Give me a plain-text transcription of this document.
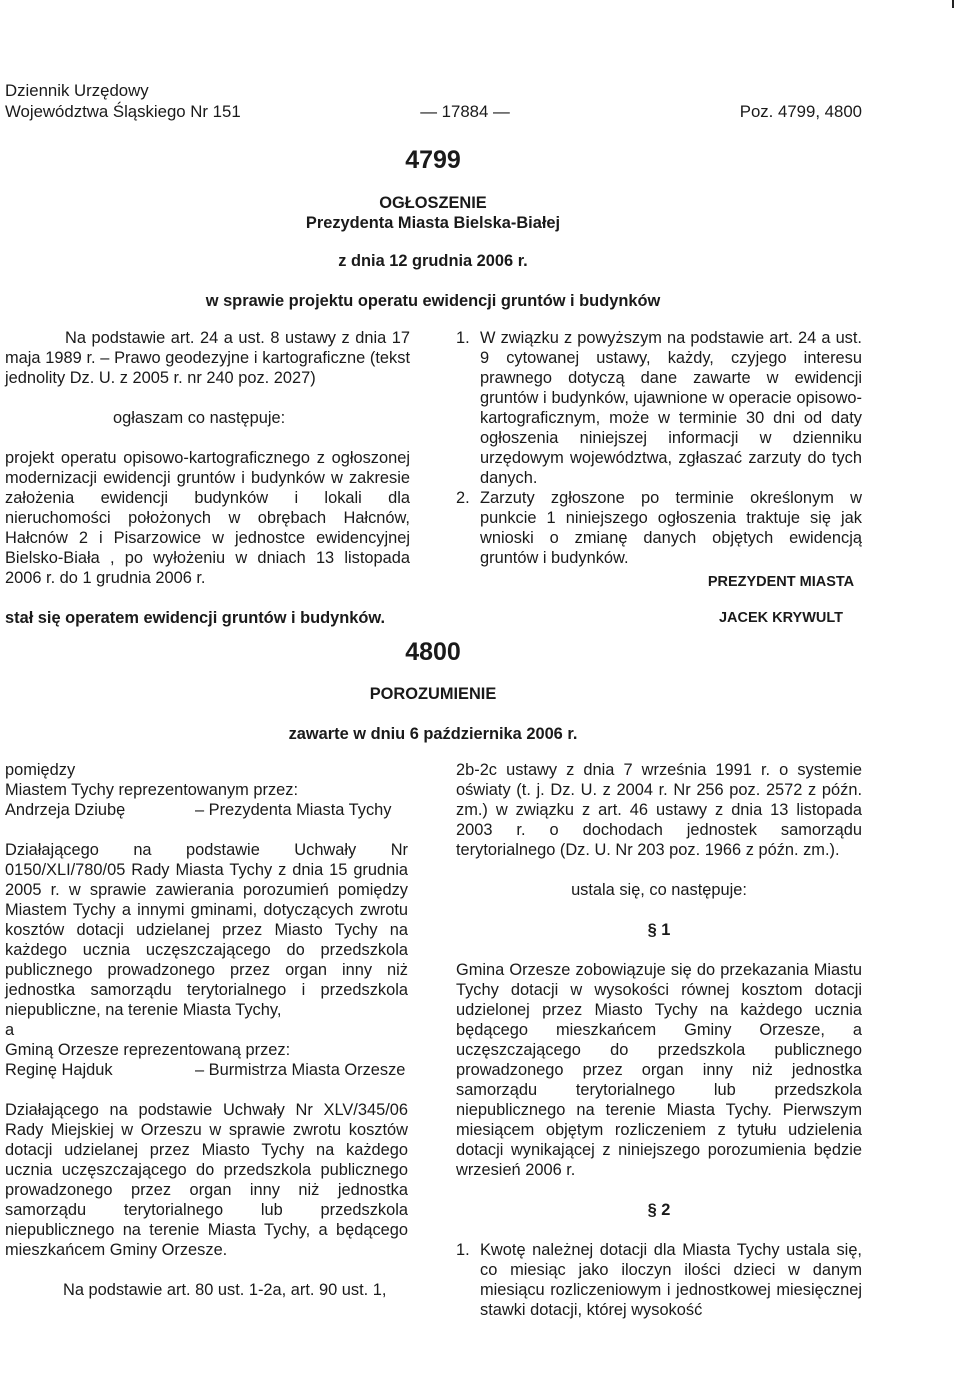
Dziennik Urzędowy
Województwa Śląskiego Nr 151	— 17884 —	Poz. 4799, 4800
4799
OGŁOSZENIE
Prezydenta Miasta Bielska-Białej
z dnia 12 grudnia 2006 r.
w sprawie projektu operatu ewidencji gruntów i budynków

Na podstawie art. 24 a ust. 8 ustawy z dnia 17 maja 1989 r. – Prawo geodezyjne i kartograficzne (tekst jednolity Dz. U. z 2005 r. nr 240 poz. 2027)

ogłaszam co następuje:

projekt operatu opisowo-kartograficznego z ogłoszonej modernizacji ewidencji gruntów i budynków w zakresie założenia ewidencji budynków i lokali dla nieruchomości położonych w obrębach Hałcnów, Hałcnów 2 i Pisarzowice w jednostce ewidencyjnej Bielsko-Biała , po wyłożeniu w dniach 13 listopada 2006 r. do 1 grudnia 2006 r.

stał się operatem ewidencji gruntów i budynków.

1. W związku z powyższym na podstawie art. 24 a ust. 9 cytowanej ustawy, każdy, czyjego interesu prawnego dotyczą dane zawarte w ewidencji gruntów i budynków, ujawnione w operacie opisowo-kartograficznym, może w terminie 30 dni od daty ogłoszenia niniejszej informacji w dzienniku urzędowym województwa, zgłaszać zarzuty do tych danych.

2. Zarzuty zgłoszone po terminie określonym w punkcie 1 niniejszego ogłoszenia traktuje się jak wnioski o zmianę danych objętych ewidencją gruntów i budynków.

PREZYDENT MIASTA
JACEK KRYWULT
4800
POROZUMIENIE
zawarte w dniu 6 października 2006 r.

pomiędzy

Miastem Tychy reprezentowanym przez:

Andrzeja Dziubę	– Prezydenta Miasta Tychy

Działającego na podstawie Uchwały Nr 0150/XLI/780/05 Rady Miasta Tychy z dnia 15 grudnia 2005 r. w sprawie zawierania porozumień pomiędzy Miastem Tychy a innymi gminami, dotyczących zwrotu kosztów dotacji udzielanej przez Miasto Tychy na każdego ucznia uczęszczającego do przedszkola publicznego prowadzonego przez organ inny niż jednostka samorządu terytorialnego i przedszkola niepubliczne, na terenie Miasta Tychy,

a

Gminą Orzesze reprezentowaną przez:

Reginę Hajduk	– Burmistrza Miasta Orzesze

Działającego na podstawie Uchwały Nr XLV/345/06 Rady Miejskiej w Orzeszu w sprawie zwrotu kosztów dotacji udzielanej przez Miasto Tychy na każdego ucznia uczęszczającego do przedszkola publicznego prowadzonego przez organ inny niż jednostka samorządu terytorialnego lub przedszkola niepublicznego na terenie Miasta Tychy, a będącego mieszkańcem Gminy Orzesze.

Na podstawie art. 80 ust. 1-2a, art. 90 ust. 1,

2b-2c ustawy z dnia 7 września 1991 r. o systemie oświaty (t. j. Dz. U. z 2004 r. Nr 256 poz. 2572 z późn. zm.) w związku z art. 46 ustawy z dnia 13 listopada 2003 r. o dochodach jednostek samorządu terytorialnego (Dz. U. Nr 203 poz. 1966 z późn. zm.).

ustala się, co następuje:

§ 1

Gmina Orzesze zobowiązuje się do przekazania Miastu Tychy dotacji w wysokości równej kosztom dotacji udzielonej przez Miasto Tychy na każdego ucznia będącego mieszkańcem Gminy Orzesze, a uczęszczającego do przedszkola publicznego prowadzonego przez organ inny niż jednostka samorządu terytorialnego lub przedszkola niepublicznego na terenie Miasta Tychy. Pierwszym miesiącem objętym rozliczeniem z tytułu udzielenia dotacji wynikającej z niniejszego porozumienia będzie wrzesień 2006 r.

§ 2

1. Kwotę należnej dotacji dla Miasta Tychy ustala się, co miesiąc jako iloczyn ilości dzieci w danym miesiącu rozliczeniowym i jednostkowej miesięcznej stawki dotacji, której wysokość
